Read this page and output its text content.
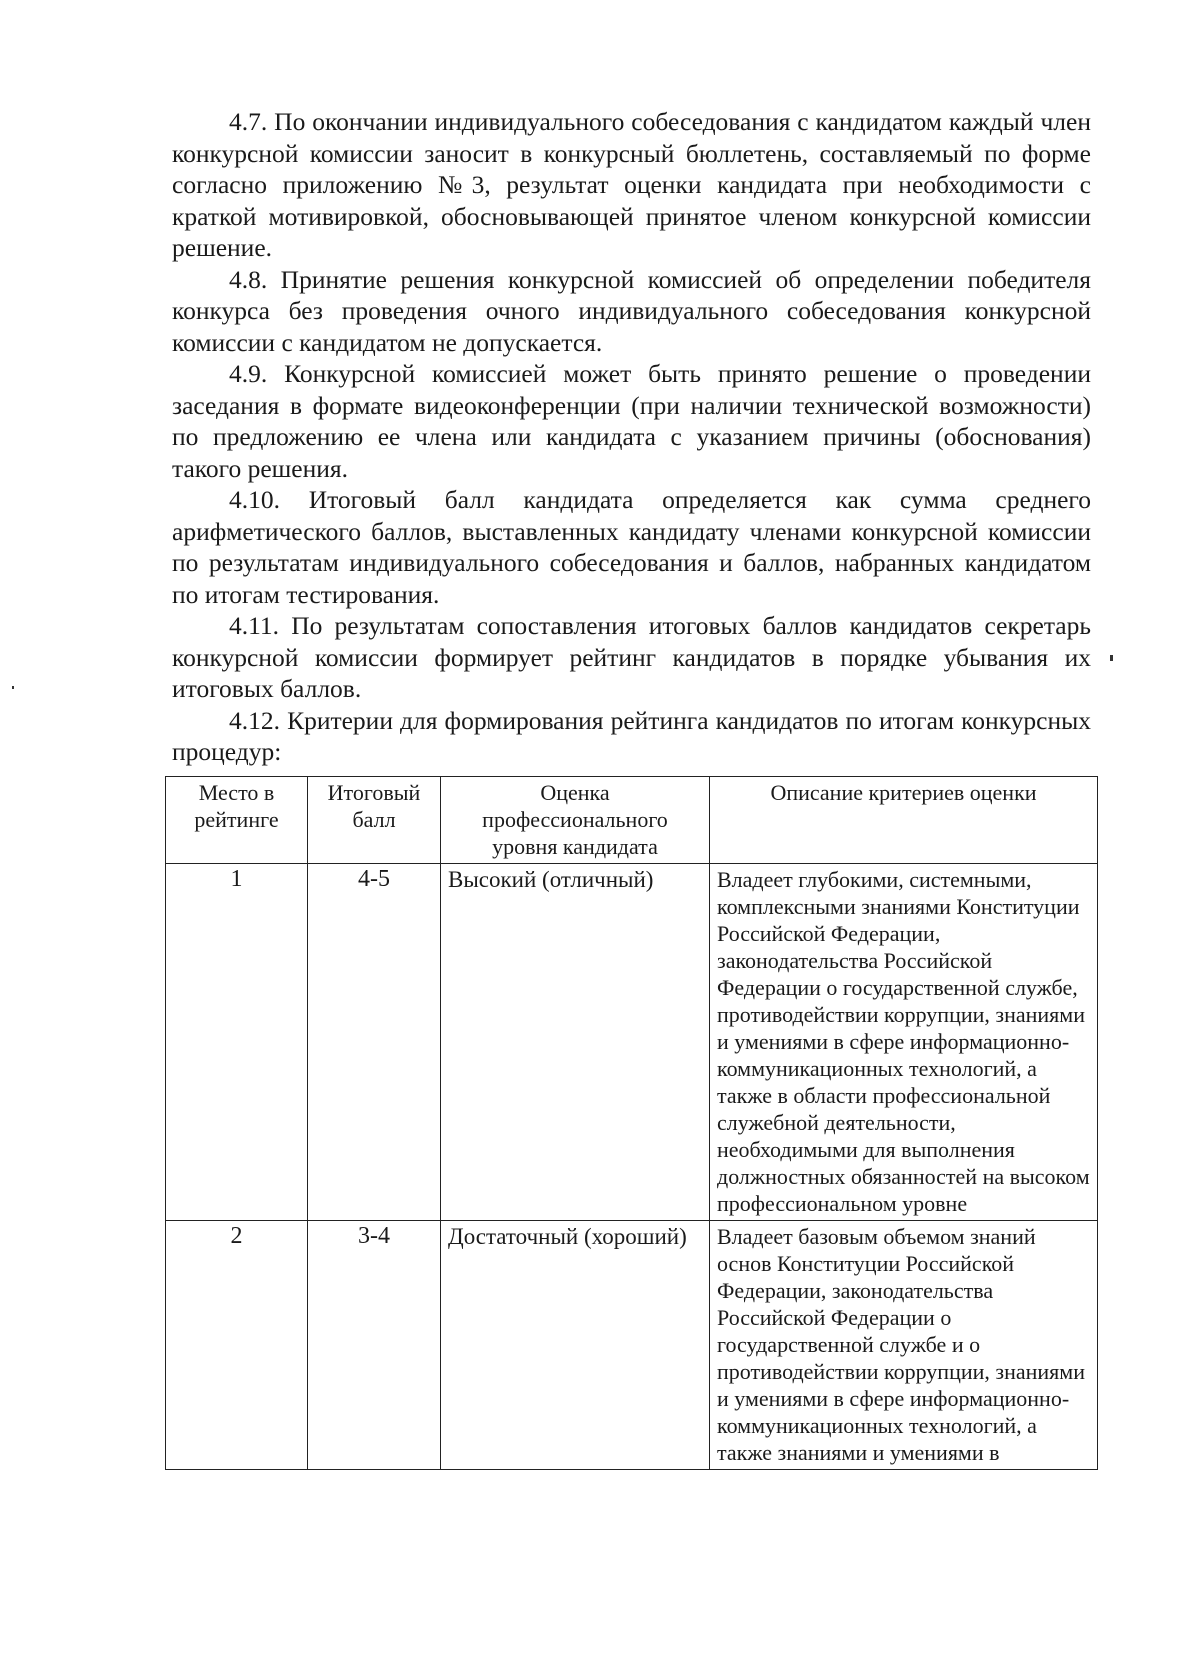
4.7. По окончании индивидуального собеседования с кандидатом каждый член конкурсной комиссии заносит в конкурсный бюллетень, составляемый по форме согласно приложению №3, результат оценки кандидата при необходимости с краткой мотивировкой, обосновывающей принятое членом конкурсной комиссии решение.

4.8. Принятие решения конкурсной комиссией об определении победителя конкурса без проведения очного индивидуального собеседования конкурсной комиссии с кандидатом не допускается.

4.9. Конкурсной комиссией может быть принято решение о проведении заседания в формате видеоконференции (при наличии технической возможности) по предложению ее члена или кандидата с указанием причины (обоснования) такого решения.

4.10. Итоговый балл кандидата определяется как сумма среднего арифметического баллов, выставленных кандидату членами конкурсной комиссии по результатам индивидуального собеседования и баллов, набранных кандидатом по итогам тестирования.

4.11. По результатам сопоставления итоговых баллов кандидатов секретарь конкурсной комиссии формирует рейтинг кандидатов в порядке убывания их итоговых баллов.

4.12. Критерии для формирования рейтинга кандидатов по итогам конкурсных процедур:

Место в рейтинге	Итоговый балл	Оценка профессионального уровня кандидата	Описание критериев оценки
1	4-5	Высокий (отличный)	Владеет глубокими, системными, комплексными знаниями Конституции Российской Федерации, законодательства Российской Федерации о государственной службе, противодействии коррупции, знаниями и умениями в сфере информационно-коммуникационных технологий, а также в области профессиональной служебной деятельности, необходимыми для выполнения должностных обязанностей на высоком профессиональном уровне
2	3-4	Достаточный (хороший)	Владеет базовым объемом знаний основ Конституции Российской Федерации, законодательства Российской Федерации о государственной службе и о противодействии коррупции, знаниями и умениями в сфере информационно-коммуникационных технологий, а также знаниями и умениями в
